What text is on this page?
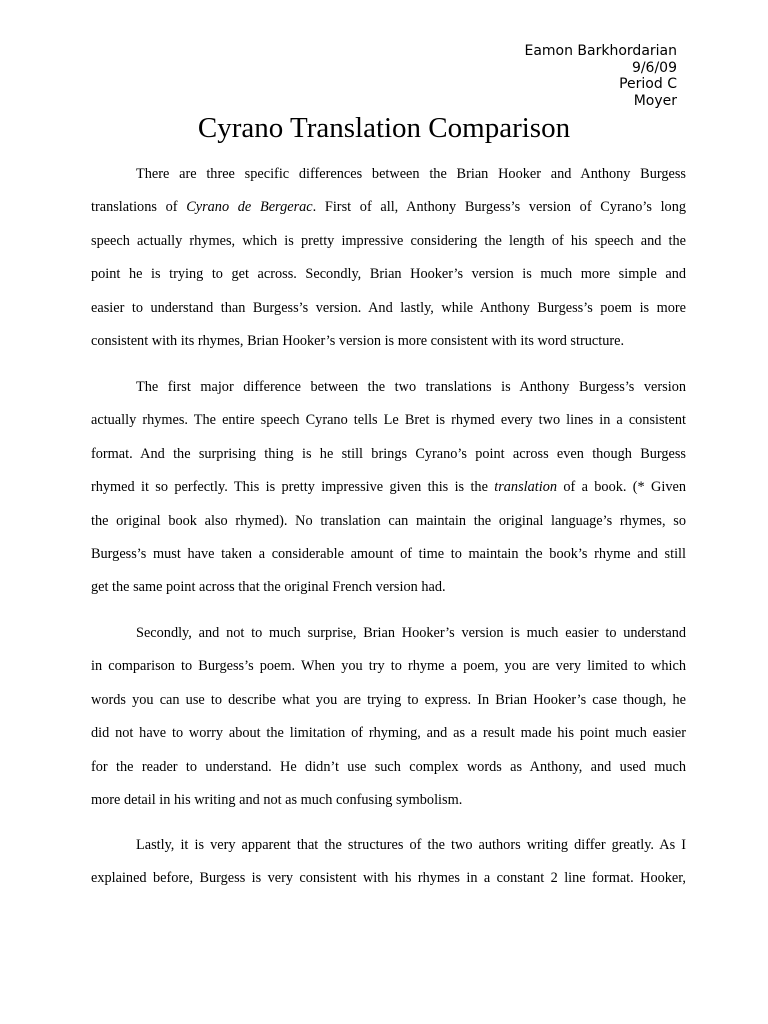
Eamon Barkhordarian
9/6/09
Period C
Moyer
Cyrano Translation Comparison
There are three specific differences between the Brian Hooker and Anthony Burgess
translations of Cyrano de Bergerac. First of all, Anthony Burgess’s version of Cyrano’s long
speech actually rhymes, which is pretty impressive considering the length of his speech and the
point he is trying to get across. Secondly, Brian Hooker’s version is much more simple and
easier to understand than Burgess’s version. And lastly, while Anthony Burgess’s poem is more
consistent with its rhymes, Brian Hooker’s version is more consistent with its word structure.
The first major difference between the two translations is Anthony Burgess’s version
actually rhymes. The entire speech Cyrano tells Le Bret is rhymed every two lines in a consistent
format. And the surprising thing is he still brings Cyrano’s point across even though Burgess
rhymed it so perfectly. This is pretty impressive given this is the translation of a book. (* Given
the original book also rhymed). No translation can maintain the original language’s rhymes, so
Burgess’s must have taken a considerable amount of time to maintain the book’s rhyme and still
get the same point across that the original French version had.
Secondly, and not to much surprise, Brian Hooker’s version is much easier to understand
in comparison to Burgess’s poem. When you try to rhyme a poem, you are very limited to which
words you can use to describe what you are trying to express. In Brian Hooker’s case though, he
did not have to worry about the limitation of rhyming, and as a result made his point much easier
for the reader to understand. He didn’t use such complex words as Anthony, and used much
more detail in his writing and not as much confusing symbolism.
Lastly, it is very apparent that the structures of the two authors writing differ greatly. As I
explained before, Burgess is very consistent with his rhymes in a constant 2 line format. Hooker,
